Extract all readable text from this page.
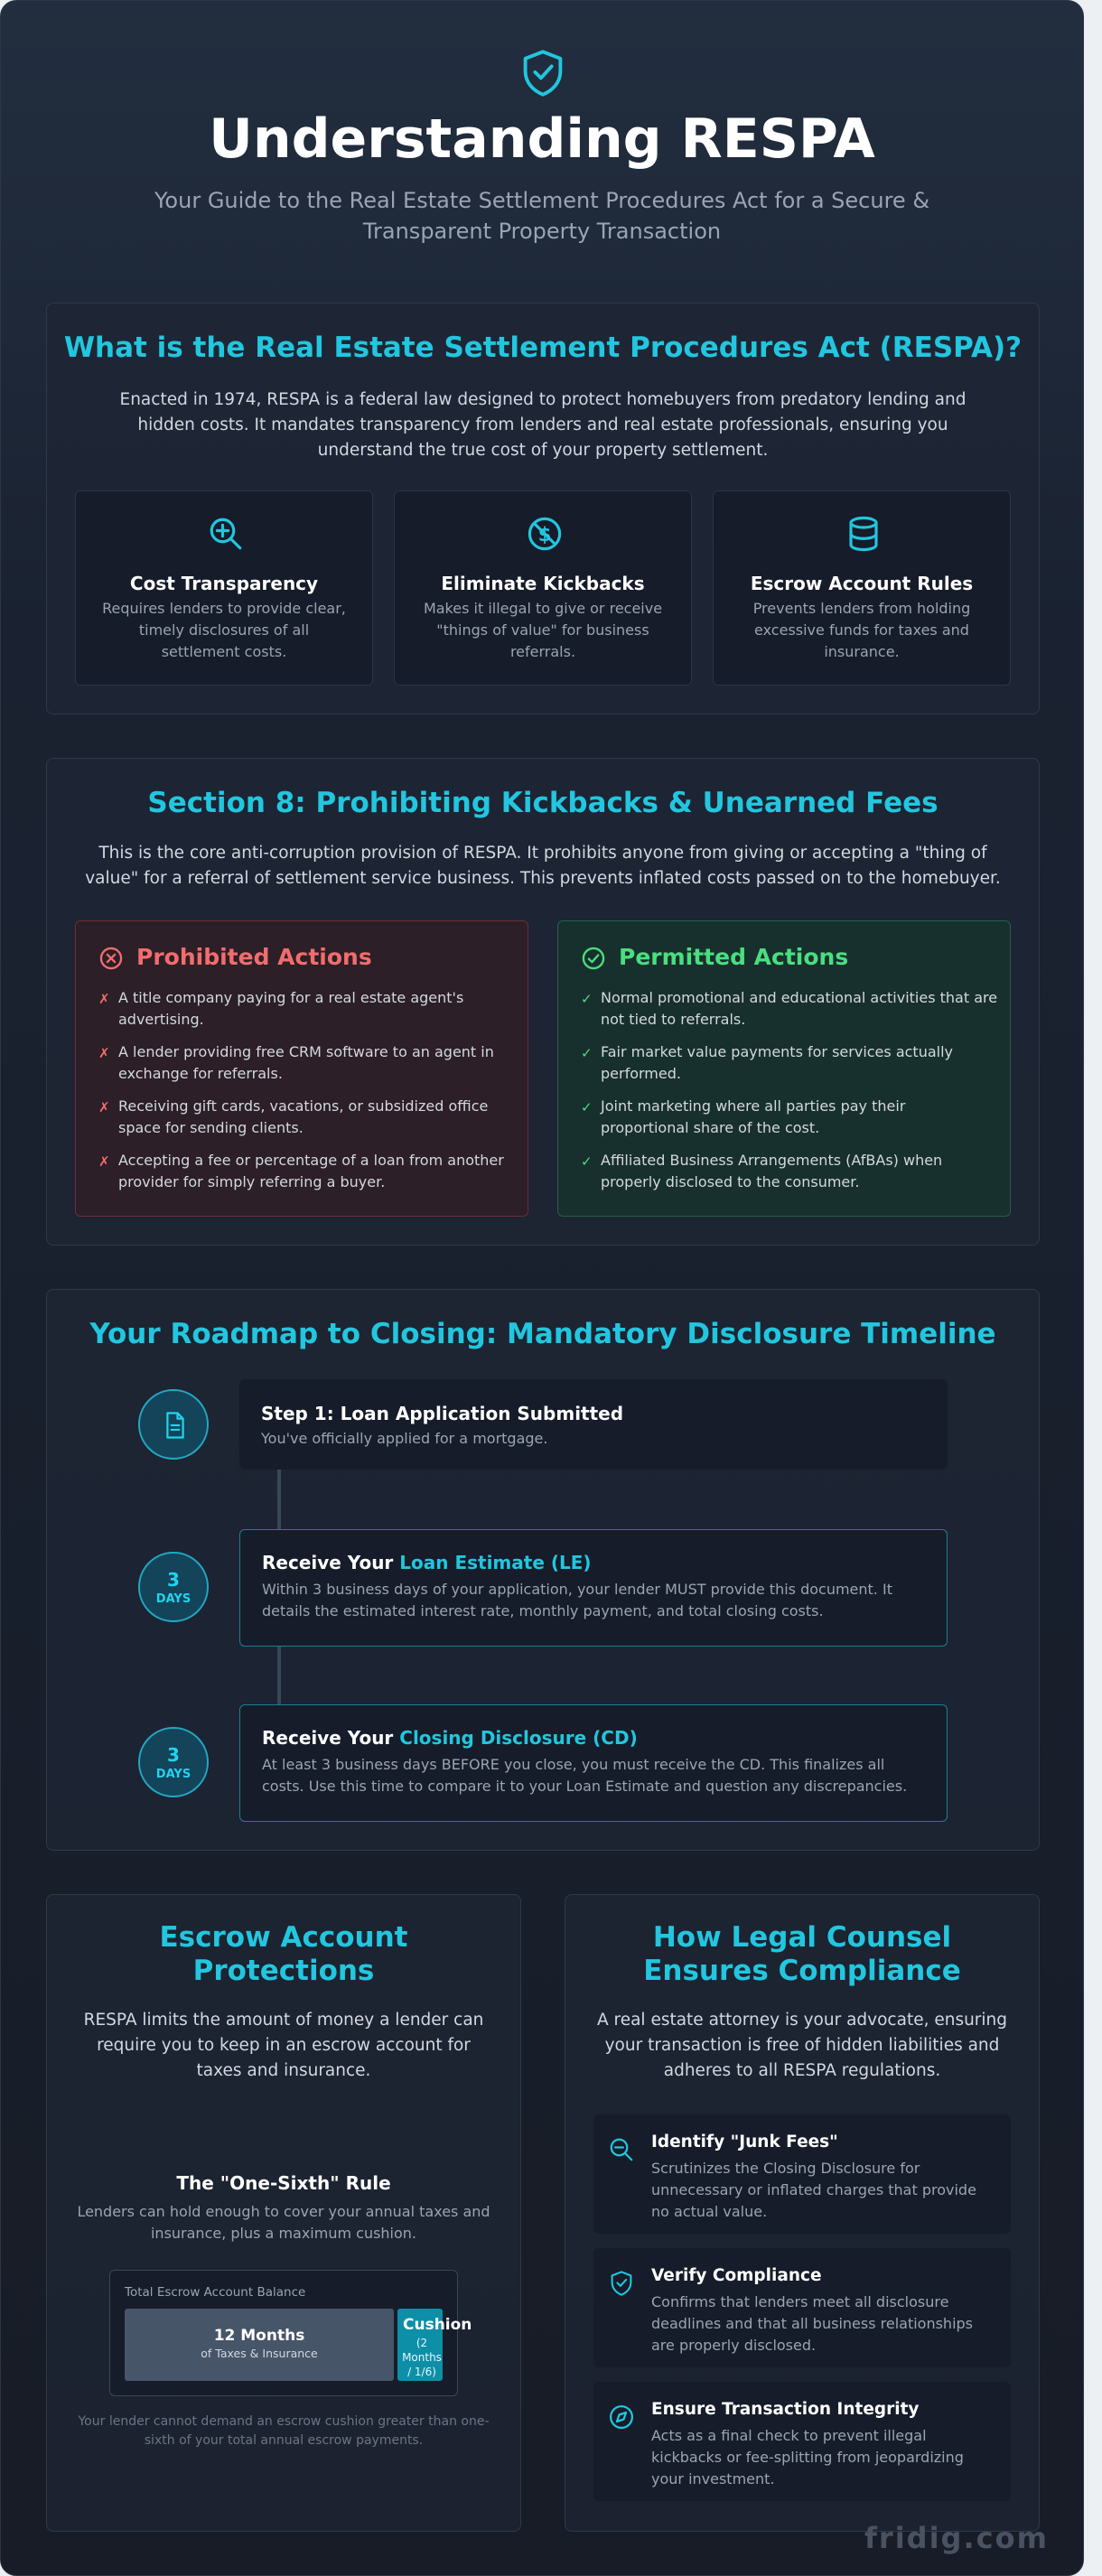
Understanding RESPA
Your Guide to the Real Estate Settlement Procedures Act for a Secure & Transparent Property Transaction
What is the Real Estate Settlement Procedures Act (RESPA)?
Enacted in 1974, RESPA is a federal law designed to protect homebuyers from predatory lending and hidden costs. It mandates transparency from lenders and real estate professionals, ensuring you understand the true cost of your property settlement.
Cost Transparency
Requires lenders to provide clear, timely disclosures of all settlement costs.
$
Eliminate Kickbacks
Makes it illegal to give or receive "things of value" for business referrals.
Escrow Account Rules
Prevents lenders from holding excessive funds for taxes and insurance.
Section 8: Prohibiting Kickbacks & Unearned Fees
This is the core anti-corruption provision of RESPA. It prohibits anyone from giving or accepting a "thing of value" for a referral of settlement service business. This prevents inflated costs passed on to the homebuyer.
Prohibited Actions
✗ A title company paying for a real estate agent's advertising.
✗ A lender providing free CRM software to an agent in exchange for referrals.
✗ Receiving gift cards, vacations, or subsidized office space for sending clients.
✗ Accepting a fee or percentage of a loan from another provider for simply referring a buyer.
Permitted Actions
✓ Normal promotional and educational activities that are not tied to referrals.
✓ Fair market value payments for services actually performed.
✓ Joint marketing where all parties pay their proportional share of the cost.
✓ Affiliated Business Arrangements (AfBAs) when properly disclosed to the consumer.
Your Roadmap to Closing: Mandatory Disclosure Timeline
Step 1: Loan Application Submitted
You've officially applied for a mortgage.
3
DAYS
Receive Your Loan Estimate (LE)
Within 3 business days of your application, your lender MUST provide this document. It details the estimated interest rate, monthly payment, and total closing costs.
3
DAYS
Receive Your Closing Disclosure (CD)
At least 3 business days BEFORE you close, you must receive the CD. This finalizes all costs. Use this time to compare it to your Loan Estimate and question any discrepancies.
Escrow Account Protections
RESPA limits the amount of money a lender can require you to keep in an escrow account for taxes and insurance.
The "One-Sixth" Rule
Lenders can hold enough to cover your annual taxes and insurance, plus a maximum cushion.
Total Escrow Account Balance
12 Months
of Taxes & Insurance
Cushion
(2 Months / 1/6)
Your lender cannot demand an escrow cushion greater than one-sixth of your total annual escrow payments.
How Legal Counsel Ensures Compliance
A real estate attorney is your advocate, ensuring your transaction is free of hidden liabilities and adheres to all RESPA regulations.
Identify "Junk Fees"
Scrutinizes the Closing Disclosure for unnecessary or inflated charges that provide no actual value.
Verify Compliance
Confirms that lenders meet all disclosure deadlines and that all business relationships are properly disclosed.
Ensure Transaction Integrity
Acts as a final check to prevent illegal kickbacks or fee-splitting from jeopardizing your investment.
fridig.com
